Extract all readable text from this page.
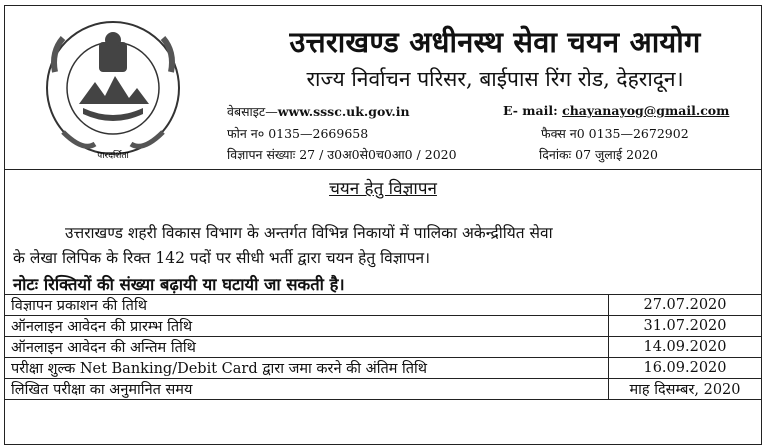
पारदर्शिता
उत्तराखण्ड अधीनस्थ सेवा चयन आयोग
राज्य निर्वाचन परिसर, बाईपास रिंग रोड, देहरादून।
वेबसाइट—www.sssc.uk.gov.in	E- mail: chayanayog@gmail.com
फोन न० 0135—2669658	फैक्स न0 0135—2672902
विज्ञापन संख्याः 27 / उ0अ0से0च0आ0 / 2020	दिनांकः 07 जुलाई 2020
चयन हेतु विज्ञापन
उत्तराखण्ड शहरी विकास विभाग के अन्तर्गत विभिन्न निकायों में पालिका अकेन्द्रीयित सेवा
के लेखा लिपिक के रिक्त 142 पदों पर सीधी भर्ती द्वारा चयन हेतु विज्ञापन।
नोटः रिक्तियों की संख्या बढ़ायी या घटायी जा सकती है।
विज्ञापन प्रकाशन की तिथि	27.07.2020
ऑनलाइन आवेदन की प्रारम्भ तिथि	31.07.2020
ऑनलाइन आवेदन की अन्तिम तिथि	14.09.2020
परीक्षा शुल्क Net Banking/Debit Card द्वारा जमा करने की अंतिम तिथि	16.09.2020
लिखित परीक्षा का अनुमानित समय	माह दिसम्बर, 2020
